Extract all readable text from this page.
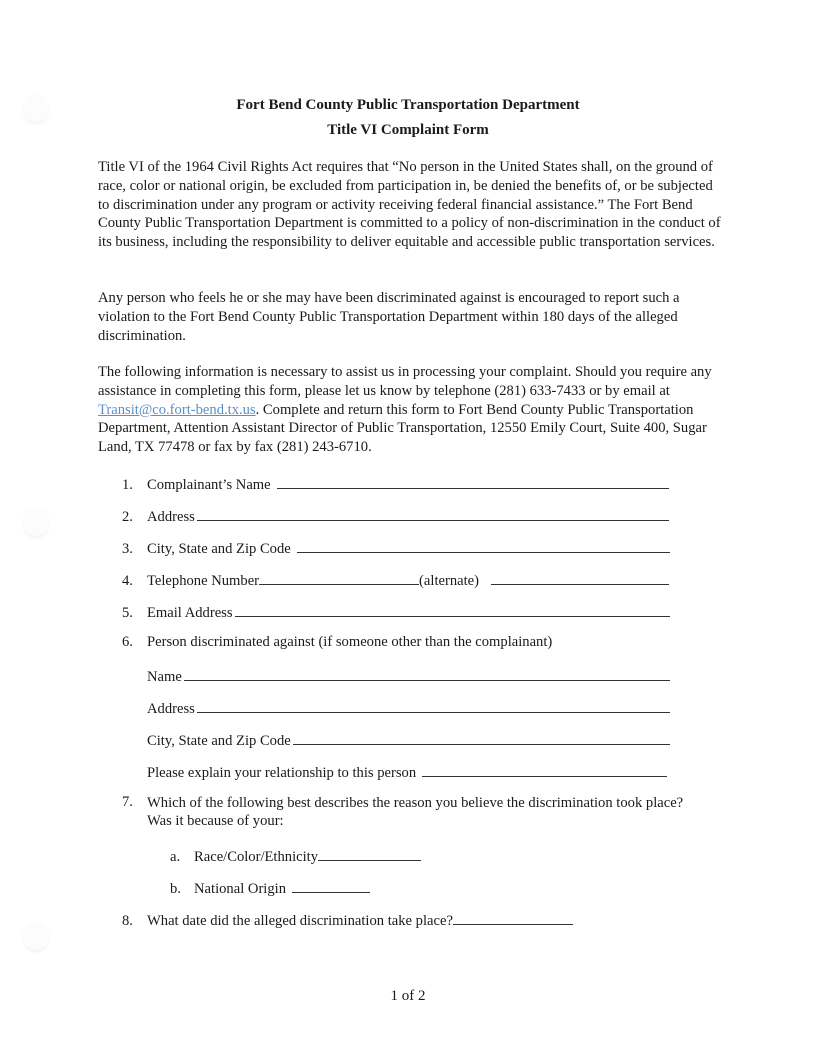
Fort Bend County Public Transportation Department
Title VI Complaint Form
Title VI of the 1964 Civil Rights Act requires that “No person in the United States shall, on the ground of race, color or national origin, be excluded from participation in, be denied the benefits of, or be subjected to discrimination under any program or activity receiving federal financial assistance.” The Fort Bend County Public Transportation Department is committed to a policy of non-discrimination in the conduct of its business, including the responsibility to deliver equitable and accessible public transportation services.
Any person who feels he or she may have been discriminated against is encouraged to report such a violation to the Fort Bend County Public Transportation Department within 180 days of the alleged discrimination.
The following information is necessary to assist us in processing your complaint. Should you require any assistance in completing this form, please let us know by telephone (281) 633-7433 or by email at Transit@co.fort-bend.tx.us. Complete and return this form to Fort Bend County Public Transportation Department, Attention Assistant Director of Public Transportation, 12550 Emily Court, Suite 400, Sugar Land, TX 77478 or fax by fax (281) 243-6710.
1. Complainant’s Name
2. Address
3. City, State and Zip Code
4. Telephone Number	(alternate)
5. Email Address
6. Person discriminated against (if someone other than the complainant)
Name
Address
City, State and Zip Code
Please explain your relationship to this person
7. Which of the following best describes the reason you believe the discrimination took place? Was it because of your:
a. Race/Color/Ethnicity
b. National Origin
8. What date did the alleged discrimination take place?
1 of 2
